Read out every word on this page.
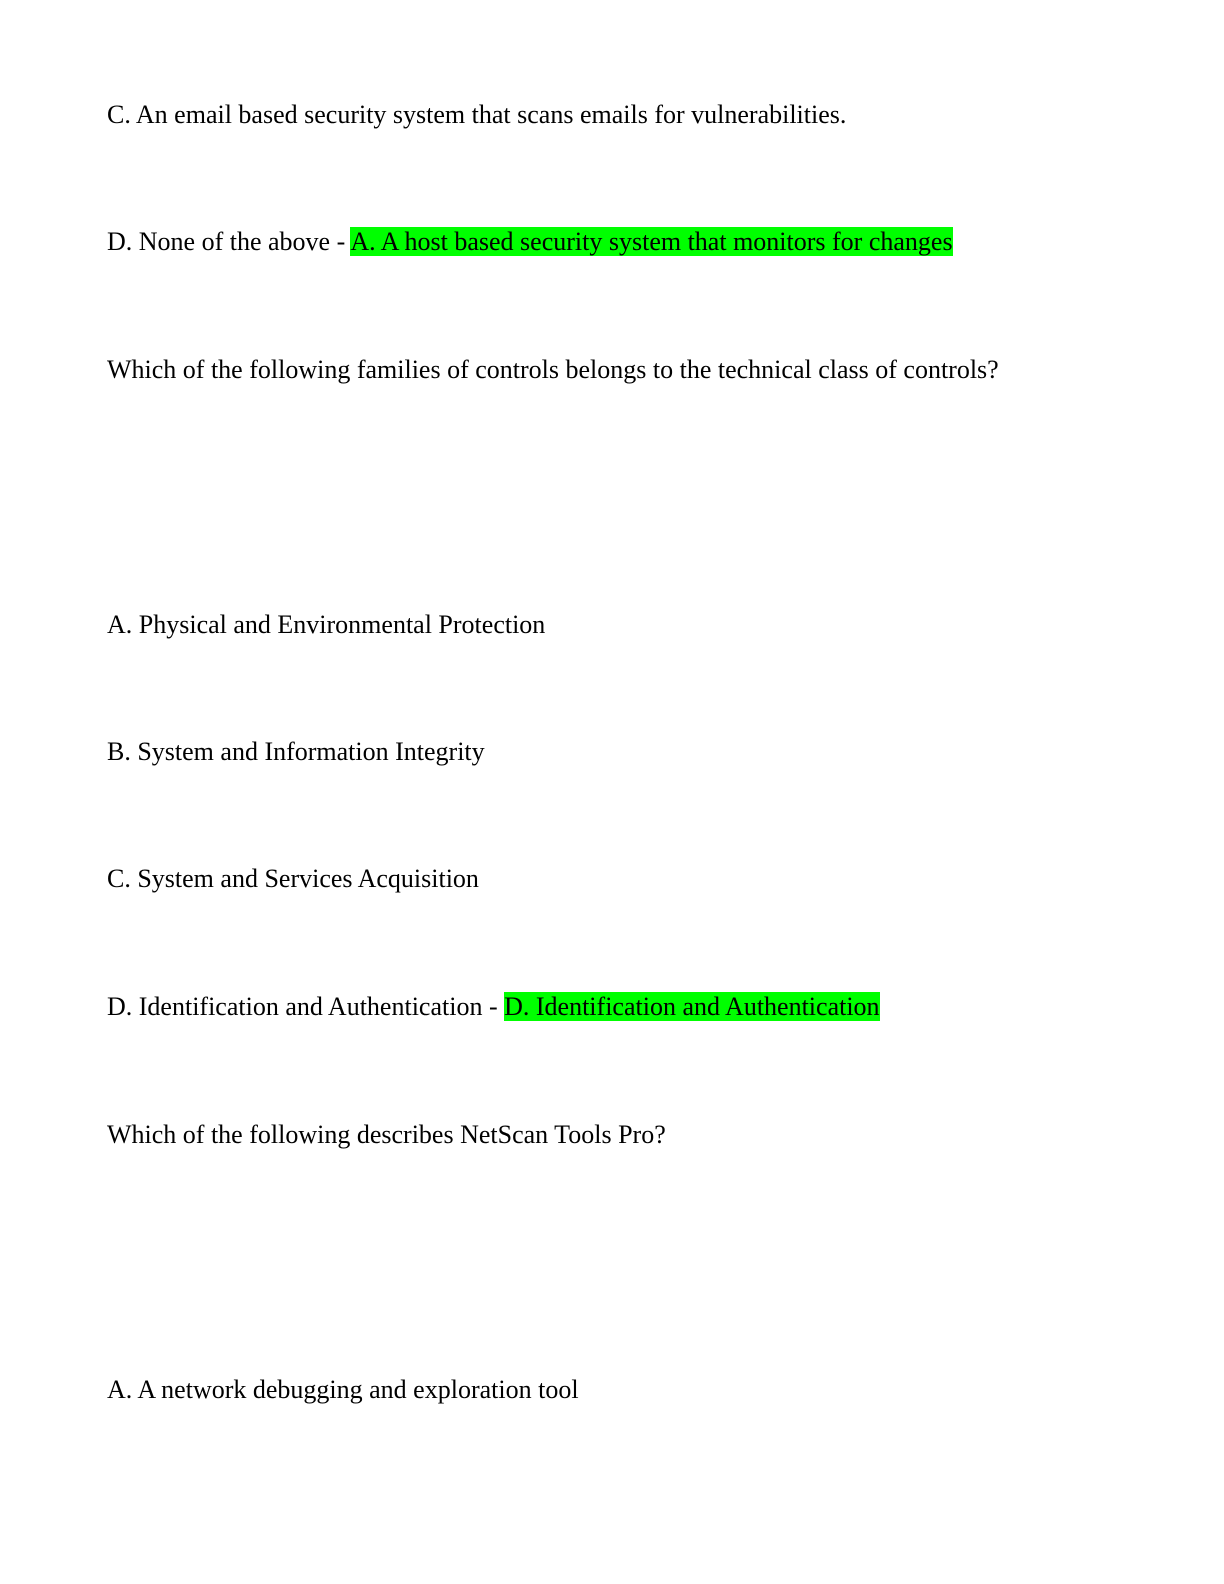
C. An email based security system that scans emails for vulnerabilities.
D. None of the above - A. A host based security system that monitors for changes
Which of the following families of controls belongs to the technical class of controls?
A. Physical and Environmental Protection
B. System and Information Integrity
C. System and Services Acquisition
D. Identification and Authentication - D. Identification and Authentication
Which of the following describes NetScan Tools Pro?
A. A network debugging and exploration tool
